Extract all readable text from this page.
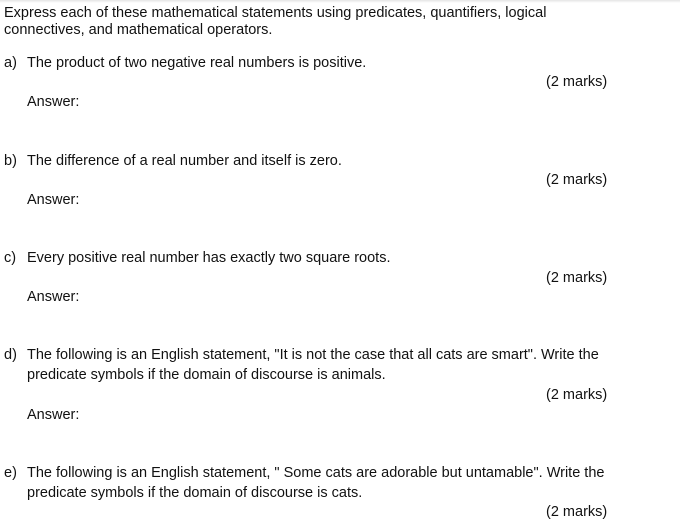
Express each of these mathematical statements using predicates, quantifiers, logical connectives, and mathematical operators.
a) The product of two negative real numbers is positive.
(2 marks)
Answer:
b) The difference of a real number and itself is zero.
(2 marks)
Answer:
c) Every positive real number has exactly two square roots.
(2 marks)
Answer:
d) The following is an English statement, "It is not the case that all cats are smart". Write the predicate symbols if the domain of discourse is animals.
(2 marks)
Answer:
e) The following is an English statement, " Some cats are adorable but untamable". Write the predicate symbols if the domain of discourse is cats.
(2 marks)
